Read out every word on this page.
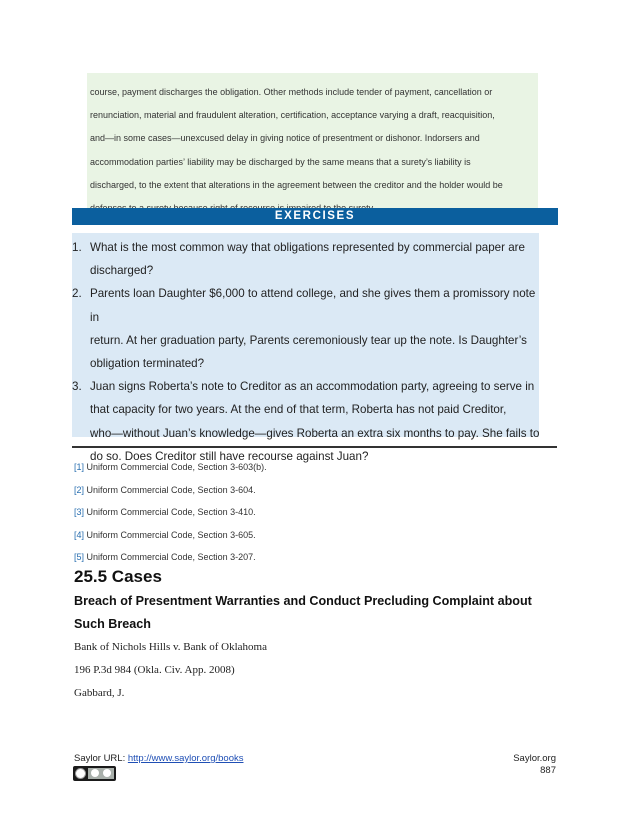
course, payment discharges the obligation. Other methods include tender of payment, cancellation or

renunciation, material and fraudulent alteration, certification, acceptance varying a draft, reacquisition,

and—in some cases—unexcused delay in giving notice of presentment or dishonor. Indorsers and

accommodation parties’ liability may be discharged by the same means that a surety’s liability is

discharged, to the extent that alterations in the agreement between the creditor and the holder would be

EXERCISES
1. What is the most common way that obligations represented by commercial paper are
discharged?
2. Parents loan Daughter $6,000 to attend college, and she gives them a promissory note in
return. At her graduation party, Parents ceremoniously tear up the note. Is Daughter’s
obligation terminated?
3. Juan signs Roberta’s note to Creditor as an accommodation party, agreeing to serve in
that capacity for two years. At the end of that term, Roberta has not paid Creditor,
who—without Juan’s knowledge—gives Roberta an extra six months to pay. She fails to
do so. Does Creditor still have recourse against Juan?
[1] Uniform Commercial Code, Section 3-603(b).
[2] Uniform Commercial Code, Section 3-604.
[3] Uniform Commercial Code, Section 3-410.
[4] Uniform Commercial Code, Section 3-605.
[5] Uniform Commercial Code, Section 3-207.
25.5 Cases
Breach of Presentment Warranties and Conduct Precluding Complaint about
Such Breach

Bank of Nichols Hills v. Bank of Oklahoma

196 P.3d 984 (Okla. Civ. App. 2008)

Gabbard, J.

Saylor URL: http://www.saylor.org/books	Saylor.org
887
